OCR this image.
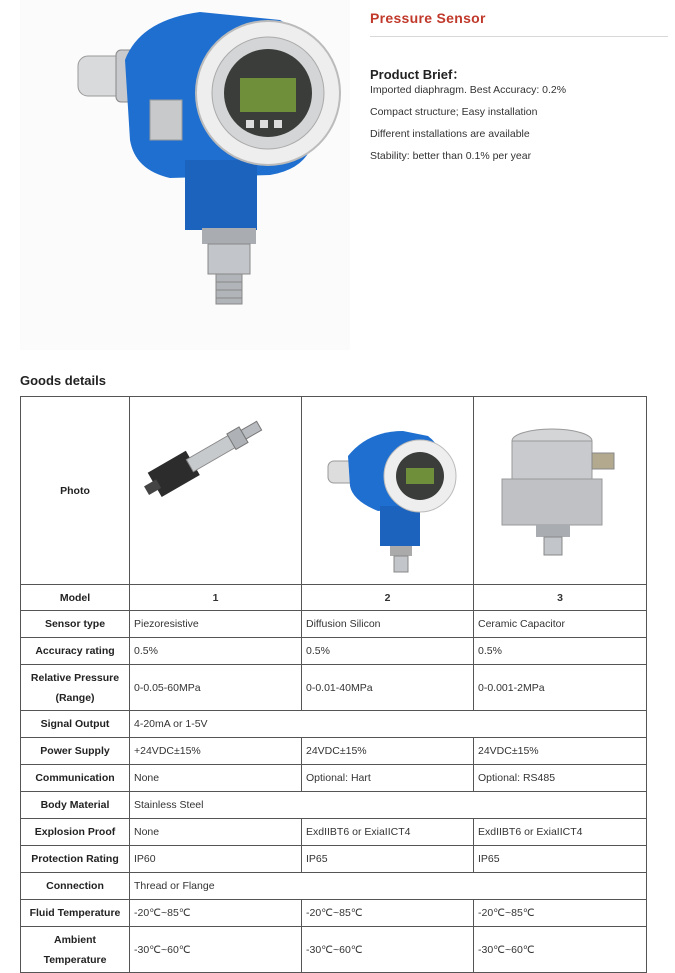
Pressure Sensor
Product Brief：
Imported diaphragm. Best Accuracy: 0.2%
Compact structure; Easy installation
Different installations are available
Stability: better than 0.1% per year
Goods details
Photo	

Model	1	2	3
Sensor type	Piezoresistive	Diffusion Silicon	Ceramic Capacitor
Accuracy rating	0.5%	0.5%	0.5%
Relative Pressure (Range)	0-0.05-60MPa	0-0.01-40MPa	0-0.001-2MPa
Signal Output	4-20mA or 1-5V		
Power Supply	+24VDC±15%	24VDC±15%	24VDC±15%
Communication	None	Optional: Hart	Optional: RS485
Body Material	Stainless Steel		
Explosion Proof	None	ExdIIBT6 or ExiaIICT4	ExdIIBT6 or ExiaIICT4
Protection Rating	IP60	IP65	IP65
Connection	Thread or Flange		
Fluid Temperature	-20℃~85℃	-20℃~85℃	-20℃~85℃
Ambient Temperature	-30℃~60℃	-30℃~60℃	-30℃~60℃
